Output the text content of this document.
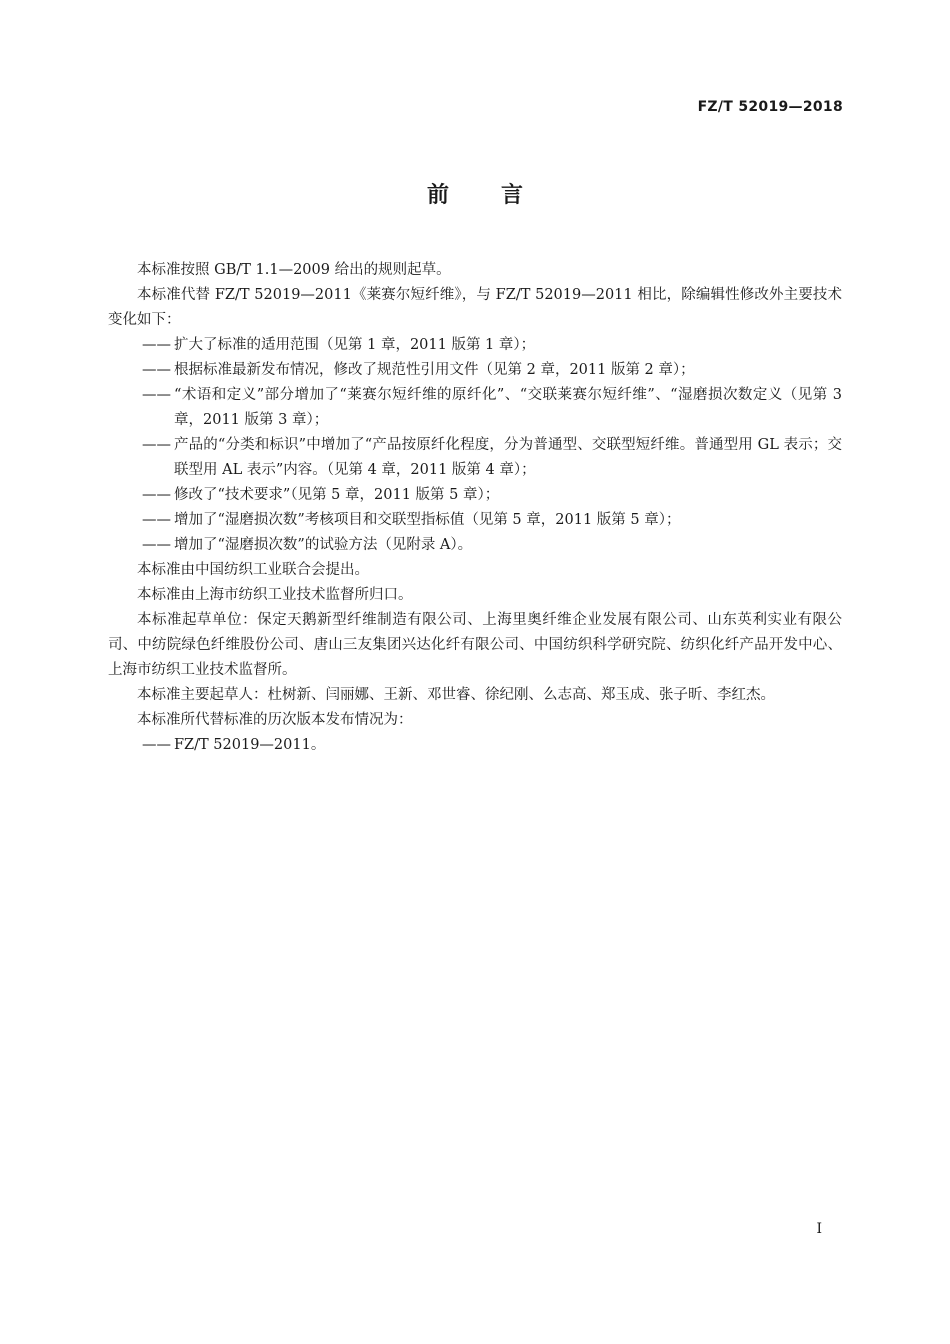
FZ/T 52019—2018
前 言

本标准按照 GB/T 1.1—2009 给出的规则起草。

本标准代替 FZ/T 52019—2011《莱赛尔短纤维》，与 FZ/T 52019—2011 相比，除编辑性修改外主要技术变化如下：

—— 扩大了标准的适用范围（见第 1 章，2011 版第 1 章）；

—— 根据标准最新发布情况，修改了规范性引用文件（见第 2 章，2011 版第 2 章）；

—— “术语和定义”部分增加了“莱赛尔短纤维的原纤化”、“交联莱赛尔短纤维”、“湿磨损次数定义（见第 3 章，2011 版第 3 章）；

—— 产品的“分类和标识”中增加了“产品按原纤化程度，分为普通型、交联型短纤维。普通型用 GL 表示；交联型用 AL 表示”内容。（见第 4 章，2011 版第 4 章）；

—— 修改了“技术要求”（见第 5 章，2011 版第 5 章）；

—— 增加了“湿磨损次数”考核项目和交联型指标值（见第 5 章，2011 版第 5 章）；

—— 增加了“湿磨损次数”的试验方法（见附录 A）。

本标准由中国纺织工业联合会提出。

本标准由上海市纺织工业技术监督所归口。

本标准起草单位：保定天鹅新型纤维制造有限公司、上海里奥纤维企业发展有限公司、山东英利实业有限公司、中纺院绿色纤维股份公司、唐山三友集团兴达化纤有限公司、中国纺织科学研究院、纺织化纤产品开发中心、上海市纺织工业技术监督所。

本标准主要起草人：杜树新、闫丽娜、王新、邓世睿、徐纪刚、么志高、郑玉成、张子昕、李红杰。

本标准所代替标准的历次版本发布情况为：

—— FZ/T 52019—2011。

I
